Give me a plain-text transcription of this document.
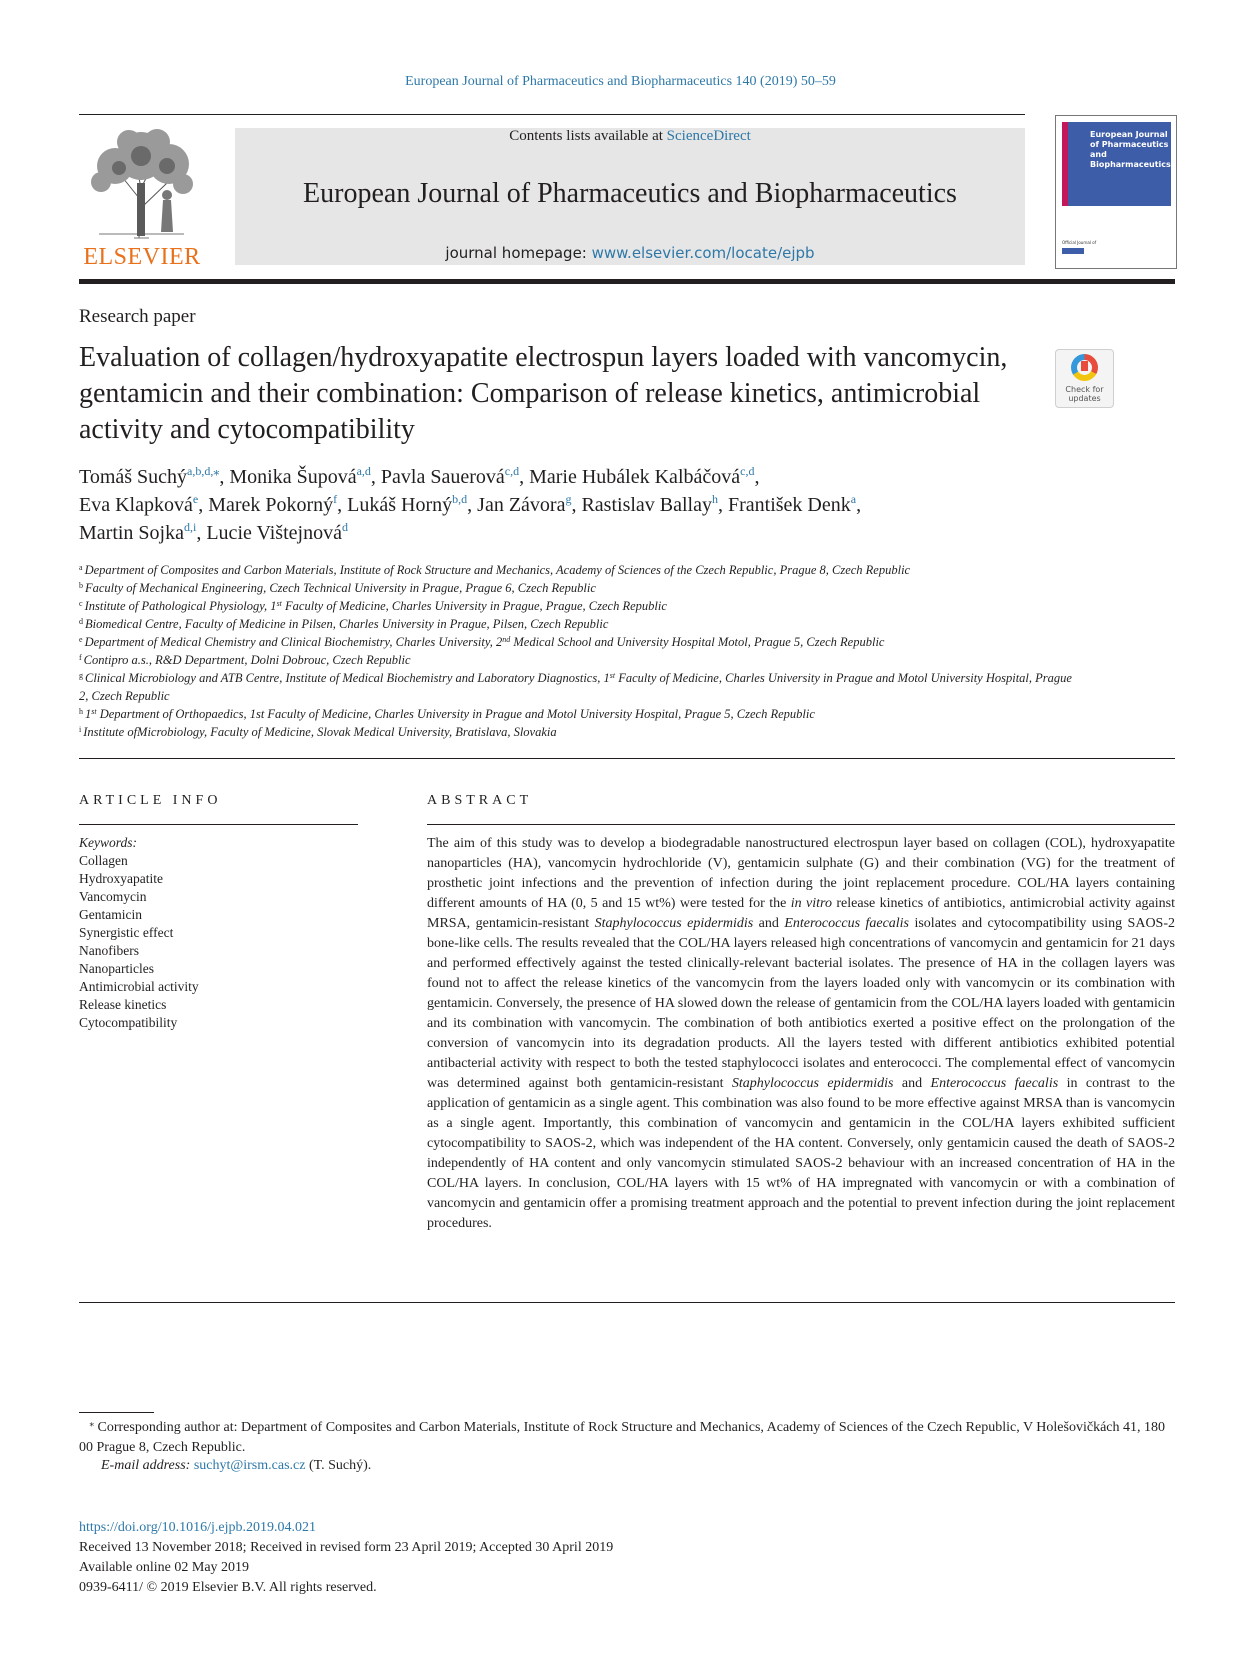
European Journal of Pharmaceutics and Biopharmaceutics 140 (2019) 50–59
ELSEVIER
Contents lists available at ScienceDirect
European Journal of Pharmaceutics and Biopharmaceutics
journal homepage: www.elsevier.com/locate/ejpb
European Journal of Pharmaceutics and Biopharmaceutics
Official Journal of
Research paper
Evaluation of collagen/hydroxyapatite electrospun layers loaded with vancomycin, gentamicin and their combination: Comparison of release kinetics, antimicrobial activity and cytocompatibility
Check for
updates
Tomáš Suchý$^{a,b,d,⁎}$, Monika Šupová$^{a,d}$, Pavla Sauerová$^{c,d}$, Marie Hubálek Kalbáčová$^{c,d}$,
Eva Klapková$^e$, Marek Pokorný$^f$, Lukáš Horný$^{b,d}$, Jan Závora$^g$, Rastislav Ballay$^h$, František Denk$^a$,
Martin Sojka$^{d,i}$, Lucie Vištejnová$^d$
$^a$ Department of Composites and Carbon Materials, Institute of Rock Structure and Mechanics, Academy of Sciences of the Czech Republic, Prague 8, Czech Republic
$^b$ Faculty of Mechanical Engineering, Czech Technical University in Prague, Prague 6, Czech Republic
$^c$ Institute of Pathological Physiology, 1st Faculty of Medicine, Charles University in Prague, Prague, Czech Republic
$^d$ Biomedical Centre, Faculty of Medicine in Pilsen, Charles University in Prague, Pilsen, Czech Republic
$^e$ Department of Medical Chemistry and Clinical Biochemistry, Charles University, 2nd Medical School and University Hospital Motol, Prague 5, Czech Republic
$^f$ Contipro a.s., R&D Department, Dolni Dobrouc, Czech Republic
$^g$ Clinical Microbiology and ATB Centre, Institute of Medical Biochemistry and Laboratory Diagnostics, 1st Faculty of Medicine, Charles University in Prague and Motol University Hospital, Prague 2, Czech Republic
$^h$ 1st Department of Orthopaedics, 1st Faculty of Medicine, Charles University in Prague and Motol University Hospital, Prague 5, Czech Republic
$^i$ Institute ofMicrobiology, Faculty of Medicine, Slovak Medical University, Bratislava, Slovakia
ARTICLE INFO
Keywords:
Collagen
Hydroxyapatite
Vancomycin
Gentamicin
Synergistic effect
Nanofibers
Nanoparticles
Antimicrobial activity
Release kinetics
Cytocompatibility
ABSTRACT
The aim of this study was to develop a biodegradable nanostructured electrospun layer based on collagen (COL), hydroxyapatite nanoparticles (HA), vancomycin hydrochloride (V), gentamicin sulphate (G) and their combination (VG) for the treatment of prosthetic joint infections and the prevention of infection during the joint replacement procedure. COL/HA layers containing different amounts of HA (0, 5 and 15 wt%) were tested for the in vitro release kinetics of antibiotics, antimicrobial activity against MRSA, gentamicin-resistant Staphylococcus epidermidis and Enterococcus faecalis isolates and cytocompatibility using SAOS-2 bone-like cells. The results revealed that the COL/HA layers released high concentrations of vancomycin and gentamicin for 21 days and performed effectively against the tested clinically-relevant bacterial isolates. The presence of HA in the collagen layers was found not to affect the release kinetics of the vancomycin from the layers loaded only with vancomycin or its combination with gentamicin. Conversely, the presence of HA slowed down the release of gentamicin from the COL/HA layers loaded with gentamicin and its combination with vancomycin. The combination of both antibiotics exerted a positive effect on the prolongation of the conversion of vancomycin into its degradation products. All the layers tested with different antibiotics exhibited potential antibacterial activity with respect to both the tested staphylococci isolates and enterococci. The complemental effect of vancomycin was determined against both gentamicin-resistant Staphylococcus epidermidis and Enterococcus faecalis in contrast to the application of gentamicin as a single agent. This combination was also found to be more effective against MRSA than is vancomycin as a single agent. Importantly, this combination of vancomycin and gentamicin in the COL/HA layers exhibited sufficient cytocompatibility to SAOS-2, which was independent of the HA content. Conversely, only gentamicin caused the death of SAOS-2 independently of HA content and only vancomycin stimulated SAOS-2 behaviour with an increased concentration of HA in the COL/HA layers. In conclusion, COL/HA layers with 15 wt% of HA impregnated with vancomycin or with a combination of vancomycin and gentamicin offer a promising treatment approach and the potential to prevent infection during the joint replacement procedures.
⁎ Corresponding author at: Department of Composites and Carbon Materials, Institute of Rock Structure and Mechanics, Academy of Sciences of the Czech Republic, V Holešovičkách 41, 180 00 Prague 8, Czech Republic.
E-mail address: suchyt@irsm.cas.cz (T. Suchý).
https://doi.org/10.1016/j.ejpb.2019.04.021
Received 13 November 2018; Received in revised form 23 April 2019; Accepted 30 April 2019
Available online 02 May 2019
0939-6411/ © 2019 Elsevier B.V. All rights reserved.
